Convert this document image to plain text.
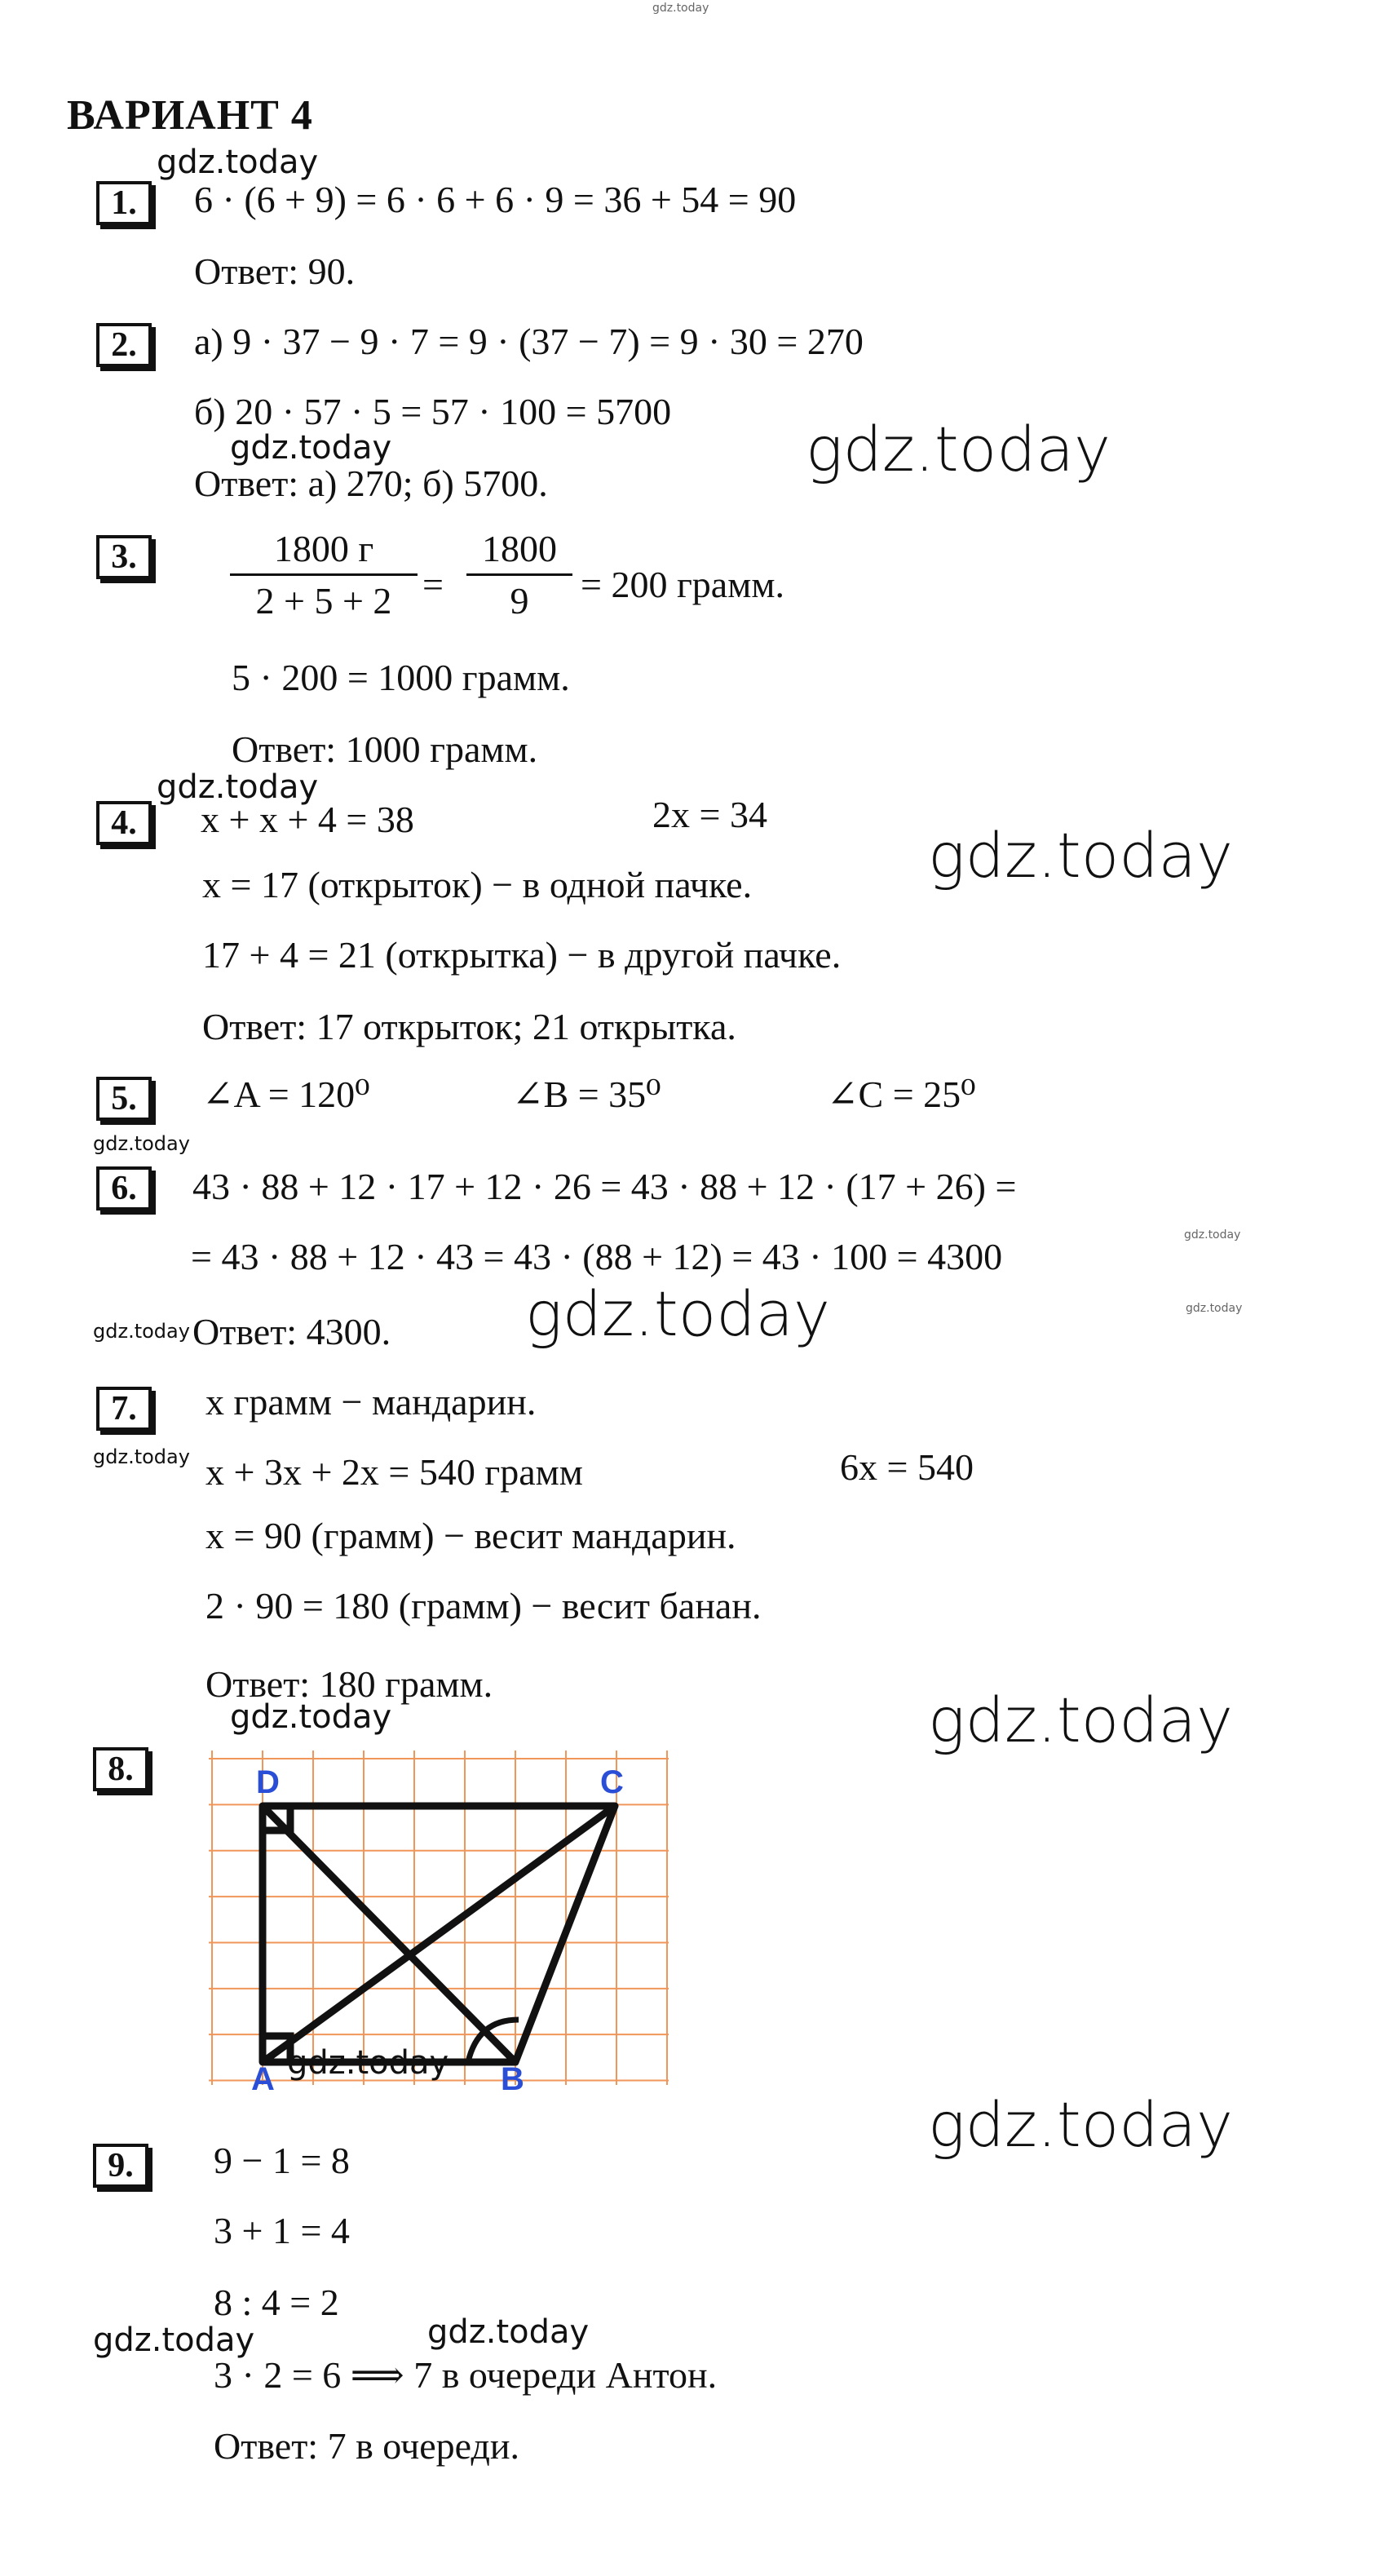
gdz.today
ВАРИАНТ 4
gdz.today
1.	6 · (6 + 9) = 6 · 6 + 6 · 9 = 36 + 54 = 90
Ответ: 90.
2.	а) 9 · 37 − 9 · 7 = 9 · (37 − 7) = 9 · 30 = 270
б) 20 · 57 · 5 = 57 · 100 = 5700
gdz.today
Ответ: а) 270; б) 5700.	gdz.today
3.	1800 г
2 + 5 + 2 =
1800
9	= 200 грамм.
5 · 200 = 1000 грамм.
Ответ: 1000 грамм.
gdz.today
4.	x + x + 4 = 38	2x = 34
x = 17 (открыток) − в одной пачке.	gdz.today
17 + 4 = 21 (открытка) − в другой пачке.
Ответ: 17 открыток; 21 открытка.
5.	∠A = 120⁰	∠B = 35⁰	∠C = 25⁰
gdz.today
6.	43 · 88 + 12 · 17 + 12 · 26 = 43 · 88 + 12 · (17 + 26) =
gdz.today
= 43 · 88 + 12 · 43 = 43 · (88 + 12) = 43 · 100 = 4300
gdz.today Ответ: 4300. gdz.today	gdz.today
7.	x грамм − мандарин.
gdz.today x + 3x + 2x = 540 грамм	6x = 540
x = 90 (грамм) − весит мандарин.
2 · 90 = 180 (грамм) − весит банан.
Ответ: 180 грамм.
gdz.today	gdz.today
8.	D	C
A	B
gdz.today
gdz.today
9.	9 − 1 = 8
3 + 1 = 4
8 : 4 = 2
gdz.today	gdz.today
3 · 2 = 6 ⟹ 7 в очереди Антон.
Ответ: 7 в очереди.
